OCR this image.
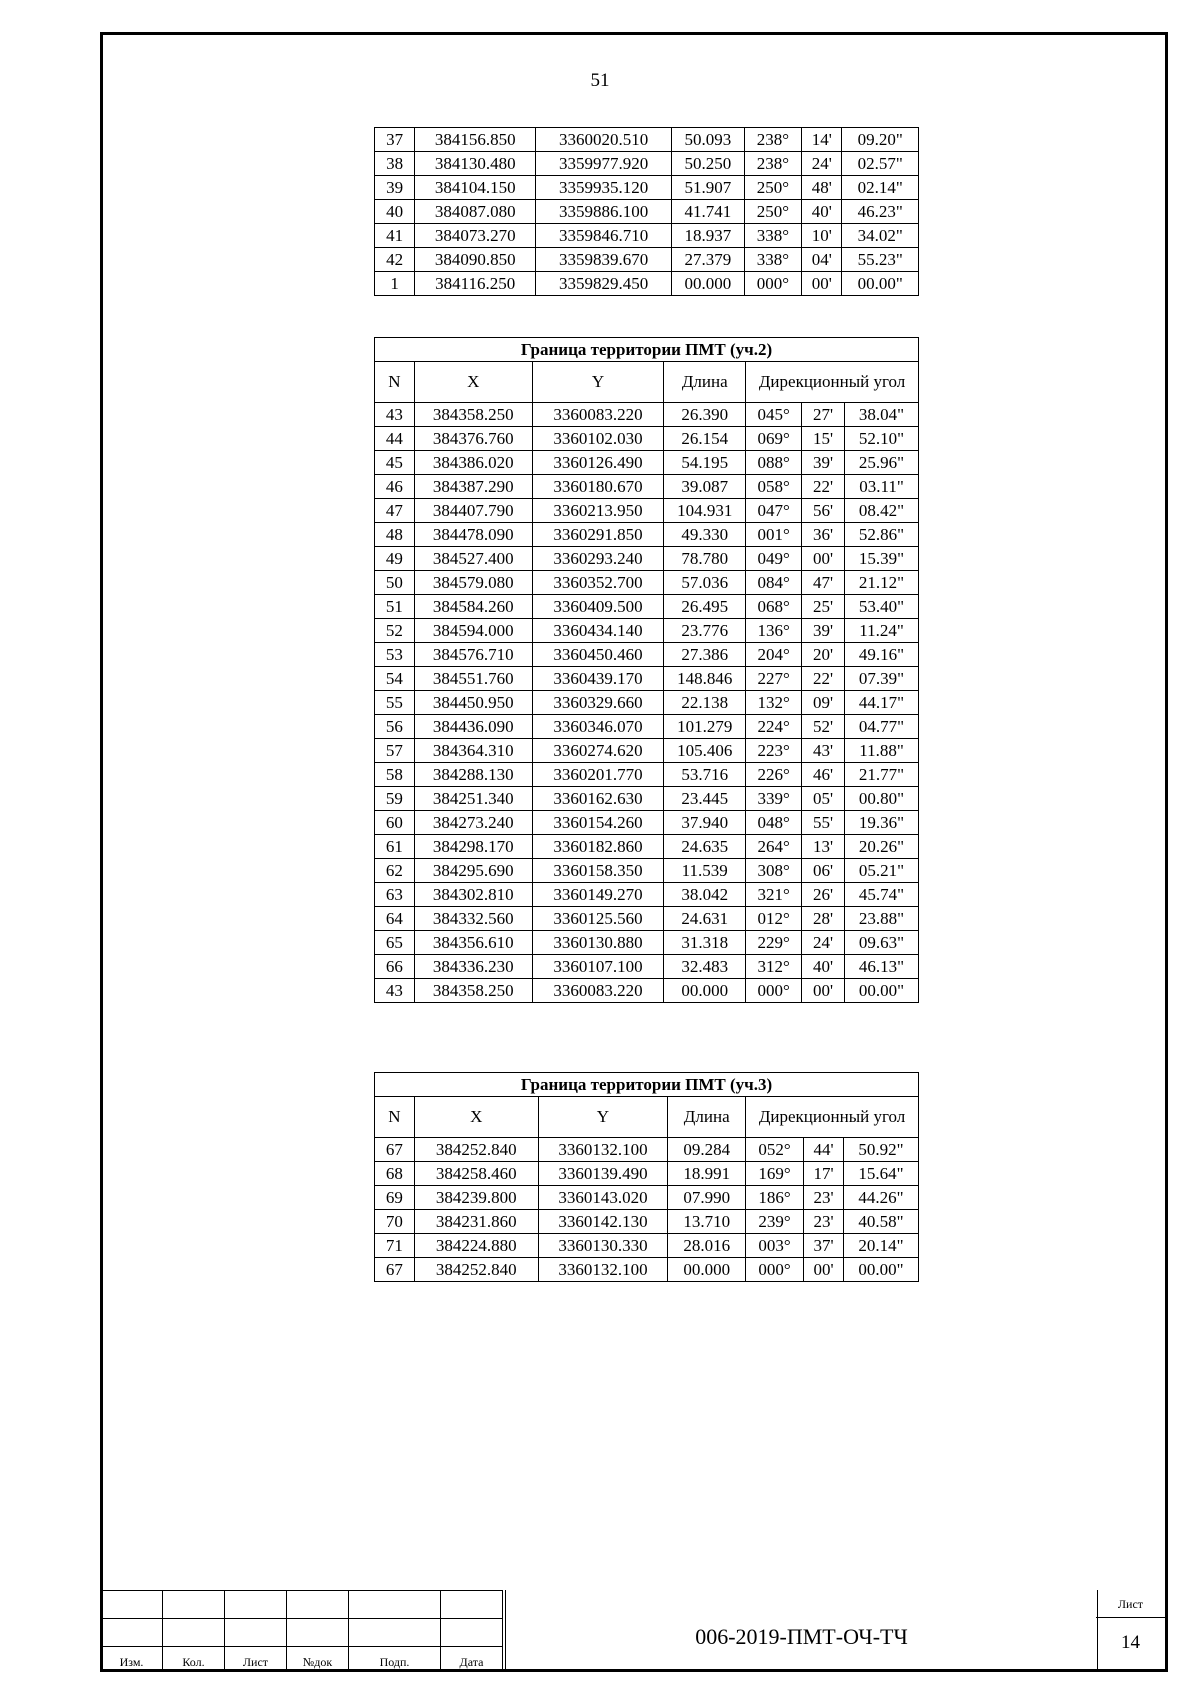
51
37	384156.850	3360020.510	50.093	238°	14'	09.20"
38	384130.480	3359977.920	50.250	238°	24'	02.57"
39	384104.150	3359935.120	51.907	250°	48'	02.14"
40	384087.080	3359886.100	41.741	250°	40'	46.23"
41	384073.270	3359846.710	18.937	338°	10'	34.02"
42	384090.850	3359839.670	27.379	338°	04'	55.23"
1	384116.250	3359829.450	00.000	000°	00'	00.00"
Граница территории ПМТ (уч.2)						
N	X	Y	Длина	Дирекционный угол		
43	384358.250	3360083.220	26.390	045°	27'	38.04"
44	384376.760	3360102.030	26.154	069°	15'	52.10"
45	384386.020	3360126.490	54.195	088°	39'	25.96"
46	384387.290	3360180.670	39.087	058°	22'	03.11"
47	384407.790	3360213.950	104.931	047°	56'	08.42"
48	384478.090	3360291.850	49.330	001°	36'	52.86"
49	384527.400	3360293.240	78.780	049°	00'	15.39"
50	384579.080	3360352.700	57.036	084°	47'	21.12"
51	384584.260	3360409.500	26.495	068°	25'	53.40"
52	384594.000	3360434.140	23.776	136°	39'	11.24"
53	384576.710	3360450.460	27.386	204°	20'	49.16"
54	384551.760	3360439.170	148.846	227°	22'	07.39"
55	384450.950	3360329.660	22.138	132°	09'	44.17"
56	384436.090	3360346.070	101.279	224°	52'	04.77"
57	384364.310	3360274.620	105.406	223°	43'	11.88"
58	384288.130	3360201.770	53.716	226°	46'	21.77"
59	384251.340	3360162.630	23.445	339°	05'	00.80"
60	384273.240	3360154.260	37.940	048°	55'	19.36"
61	384298.170	3360182.860	24.635	264°	13'	20.26"
62	384295.690	3360158.350	11.539	308°	06'	05.21"
63	384302.810	3360149.270	38.042	321°	26'	45.74"
64	384332.560	3360125.560	24.631	012°	28'	23.88"
65	384356.610	3360130.880	31.318	229°	24'	09.63"
66	384336.230	3360107.100	32.483	312°	40'	46.13"
43	384358.250	3360083.220	00.000	000°	00'	00.00"
Граница территории ПМТ (уч.3)						
N	X	Y	Длина	Дирекционный угол		
67	384252.840	3360132.100	09.284	052°	44'	50.92"
68	384258.460	3360139.490	18.991	169°	17'	15.64"
69	384239.800	3360143.020	07.990	186°	23'	44.26"
70	384231.860	3360142.130	13.710	239°	23'	40.58"
71	384224.880	3360130.330	28.016	003°	37'	20.14"
67	384252.840	3360132.100	00.000	000°	00'	00.00"

Изм.	Кол.	Лист	№док	Подп.	Дата
006-2019-ПМТ-ОЧ-ТЧ
Лист
14
